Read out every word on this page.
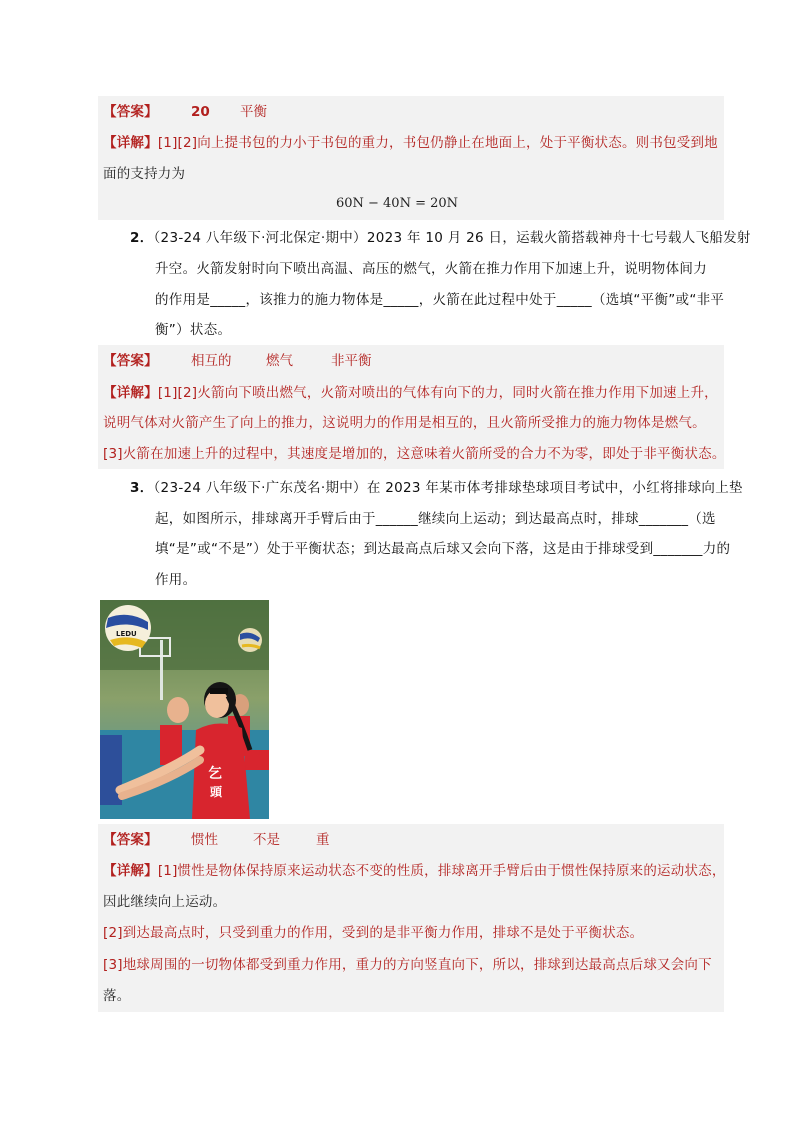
【答案】 20 平衡
【详解】[1][2]向上提书包的力小于书包的重力，书包仍静止在地面上，处于平衡状态。则书包受到地
面的支持力为
60N − 40N = 20N
2．（23-24 八年级下·河北保定·期中）2023 年 10 月 26 日，运载火箭搭载神舟十七号载人飞船发射
升空。火箭发射时向下喷出高温、高压的燃气，火箭在推力作用下加速上升，说明物体间力
的作用是_____，该推力的施力物体是_____，火箭在此过程中处于_____（选填“平衡”或“非平
衡”）状态。
【答案】 相互的	燃气	非平衡
【详解】[1][2]火箭向下喷出燃气，火箭对喷出的气体有向下的力，同时火箭在推力作用下加速上升，
说明气体对火箭产生了向上的推力，这说明力的作用是相互的，且火箭所受推力的施力物体是燃气。
[3]火箭在加速上升的过程中，其速度是增加的，这意味着火箭所受的合力不为零，即处于非平衡状态。
3．（23-24 八年级下·广东茂名·期中）在 2023 年某市体考排球垫球项目考试中，小红将排球向上垫
起，如图所示，排球离开手臂后由于______继续向上运动；到达最高点时，排球_______（选
填“是”或“不是”）处于平衡状态；到达最高点后球又会向下落，这是由于排球受到_______力的
作用。
乞
頭
LEDU
【答案】 惯性	不是	重
【详解】[1]惯性是物体保持原来运动状态不变的性质，排球离开手臂后由于惯性保持原来的运动状态，
因此继续向上运动。
[2]到达最高点时，只受到重力的作用，受到的是非平衡力作用，排球不是处于平衡状态。
[3]地球周围的一切物体都受到重力作用，重力的方向竖直向下，所以，排球到达最高点后球又会向下
落。
